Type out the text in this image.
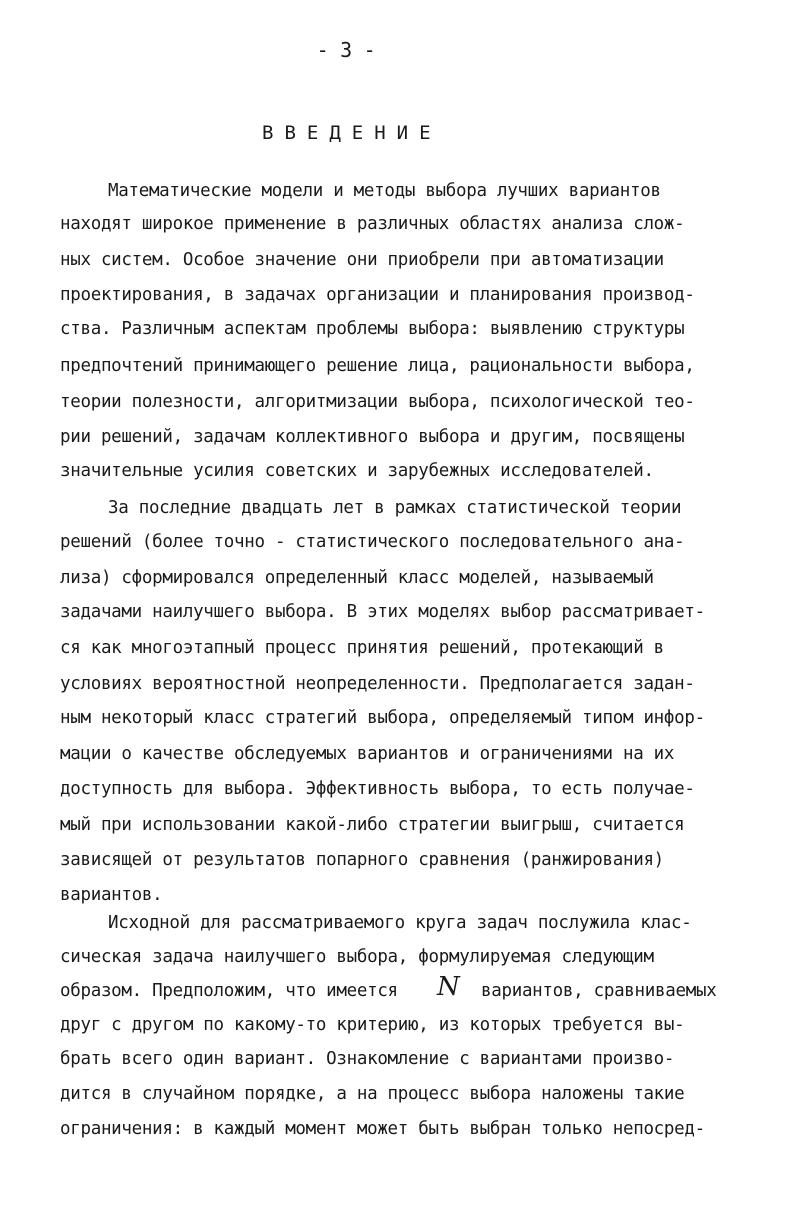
- 3 -
ВВЕДЕНИЕ
Математические модели и методы выбора лучших вариантов
находят широкое применение в различных областях анализа слож-
ных систем. Особое значение они приобрели при автоматизации
проектирования, в задачах организации и планирования производ-
ства. Различным аспектам проблемы выбора: выявлению структуры
предпочтений принимающего решение лица, рациональности выбора,
теории полезности, алгоритмизации выбора, психологической тео-
рии решений, задачам коллективного выбора и другим, посвящены
значительные усилия советских и зарубежных исследователей.
За последние двадцать лет в рамках статистической теории
решений (более точно - статистического последовательного ана-
лиза) сформировался определенный класс моделей, называемый
задачами наилучшего выбора. В этих моделях выбор рассматривает-
ся как многоэтапный процесс принятия решений, протекающий в
условиях вероятностной неопределенности. Предполагается задан-
ным некоторый класс стратегий выбора, определяемый типом инфор-
мации о качестве обследуемых вариантов и ограничениями на их
доступность для выбора. Эффективность выбора, то есть получае-
мый при использовании какой-либо стратегии выигрыш, считается
зависящей от результатов попарного сравнения (ранжирования)
вариантов.
Исходной для рассматриваемого круга задач послужила клас-
сическая задача наилучшего выбора, формулируемая следующим
образом. Предположим, что имеется
друг с другом по какому-то критерию, из которых требуется вы-
брать всего один вариант. Ознакомление с вариантами произво-
дится в случайном порядке, а на процесс выбора наложены такие
ограничения: в каждый момент может быть выбран только непосред-
N вариантов, сравниваемых
